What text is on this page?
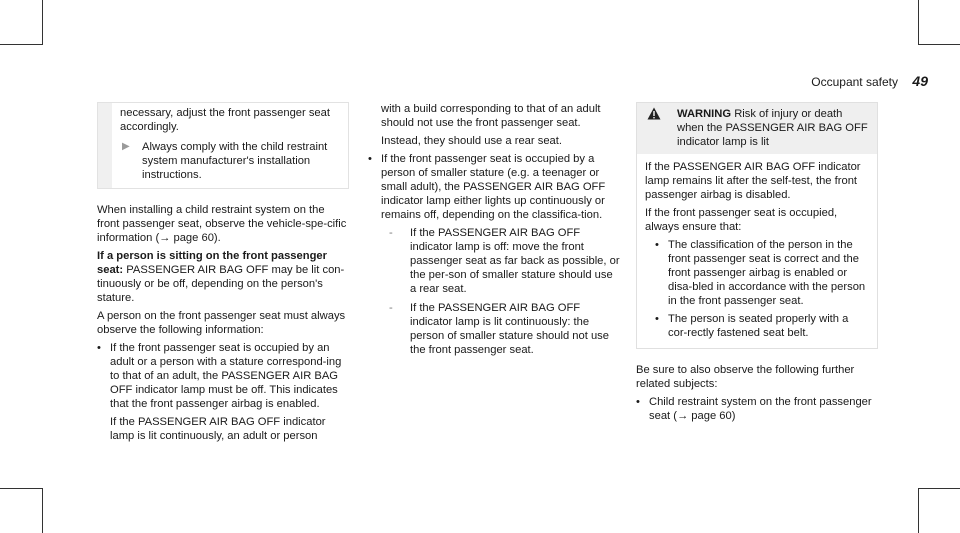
Occupant safety 49

necessary, adjust the front passenger seat accordingly.

▶ Always comply with the child restraint system manufacturer's installation instructions.

When installing a child restraint system on the front passenger seat, observe the vehicle-spe-cific information (→ page 60).

If a person is sitting on the front passenger seat: PASSENGER AIR BAG OFF may be lit con-tinuously or be off, depending on the person's stature.

A person on the front passenger seat must always observe the following information:

• If the front passenger seat is occupied by an adult or a person with a stature correspond-ing to that of an adult, the PASSENGER AIR BAG OFF indicator lamp must be off. This indicates that the front passenger airbag is enabled.

If the PASSENGER AIR BAG OFF indicator lamp is lit continuously, an adult or person

with a build corresponding to that of an adult should not use the front passenger seat.

Instead, they should use a rear seat.

• If the front passenger seat is occupied by a person of smaller stature (e.g. a teenager or small adult), the PASSENGER AIR BAG OFF indicator lamp either lights up continuously or remains off, depending on the classifica-tion.

- If the PASSENGER AIR BAG OFF indicator lamp is off: move the front passenger seat as far back as possible, or the per-son of smaller stature should use a rear seat.
- If the PASSENGER AIR BAG OFF indicator lamp is lit continuously: the person of smaller stature should not use the front passenger seat.
WARNING Risk of injury or death when the PASSENGER AIR BAG OFF indicator lamp is lit

If the PASSENGER AIR BAG OFF indicator lamp remains lit after the self-test, the front passenger airbag is disabled.

If the front passenger seat is occupied, always ensure that:

• The classification of the person in the front passenger seat is correct and the front passenger airbag is enabled or disa-bled in accordance with the person in the front passenger seat.
• The person is seated properly with a cor-rectly fastened seat belt.

Be sure to also observe the following further related subjects:

• Child restraint system on the front passenger seat (→ page 60)
